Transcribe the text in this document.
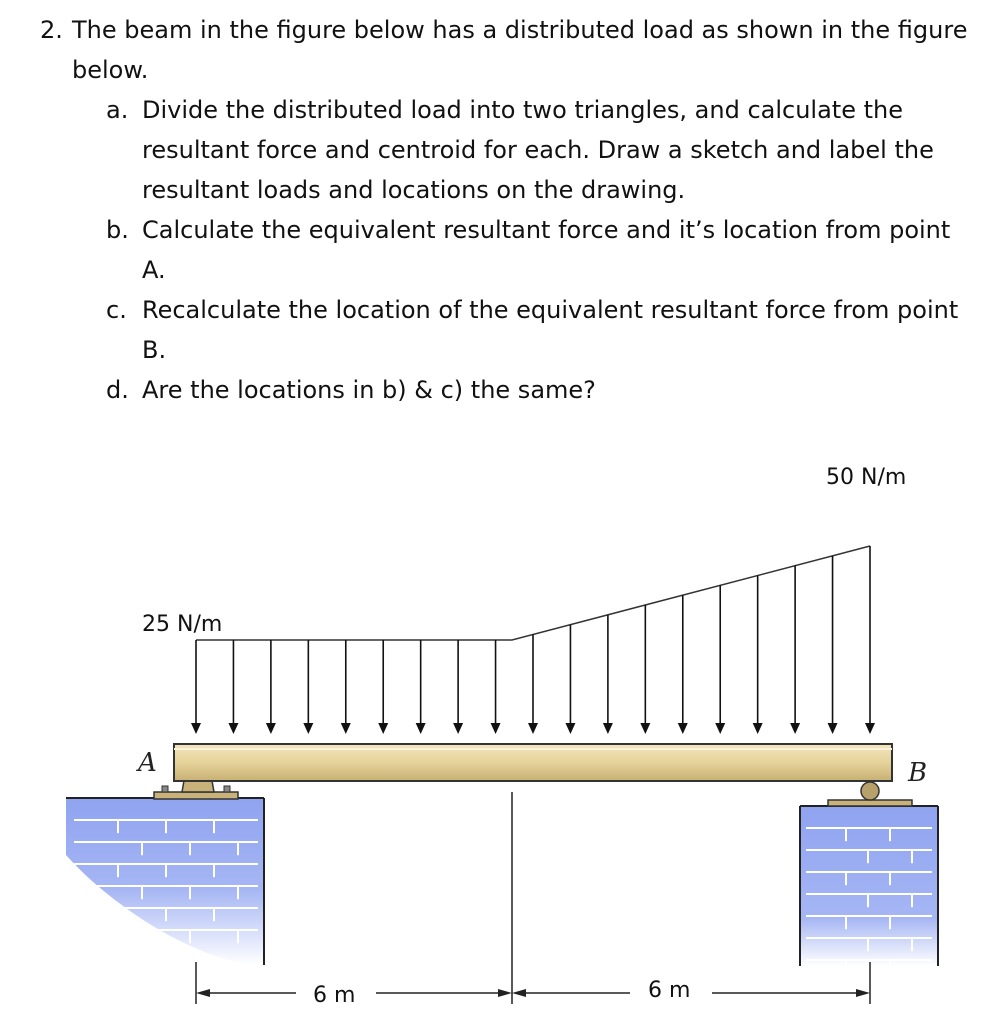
2. The beam in the figure below has a distributed load as shown in the figure below.
a. Divide the distributed load into two triangles, and calculate the resultant force and centroid for each. Draw a sketch and label the resultant loads and locations on the drawing.
b. Calculate the equivalent resultant force and it’s location from point A.
c. Recalculate the location of the equivalent resultant force from point B.
d. Are the locations in b) & c) the same?
25 N/m
50 N/m
A	B
6 m	6 m
